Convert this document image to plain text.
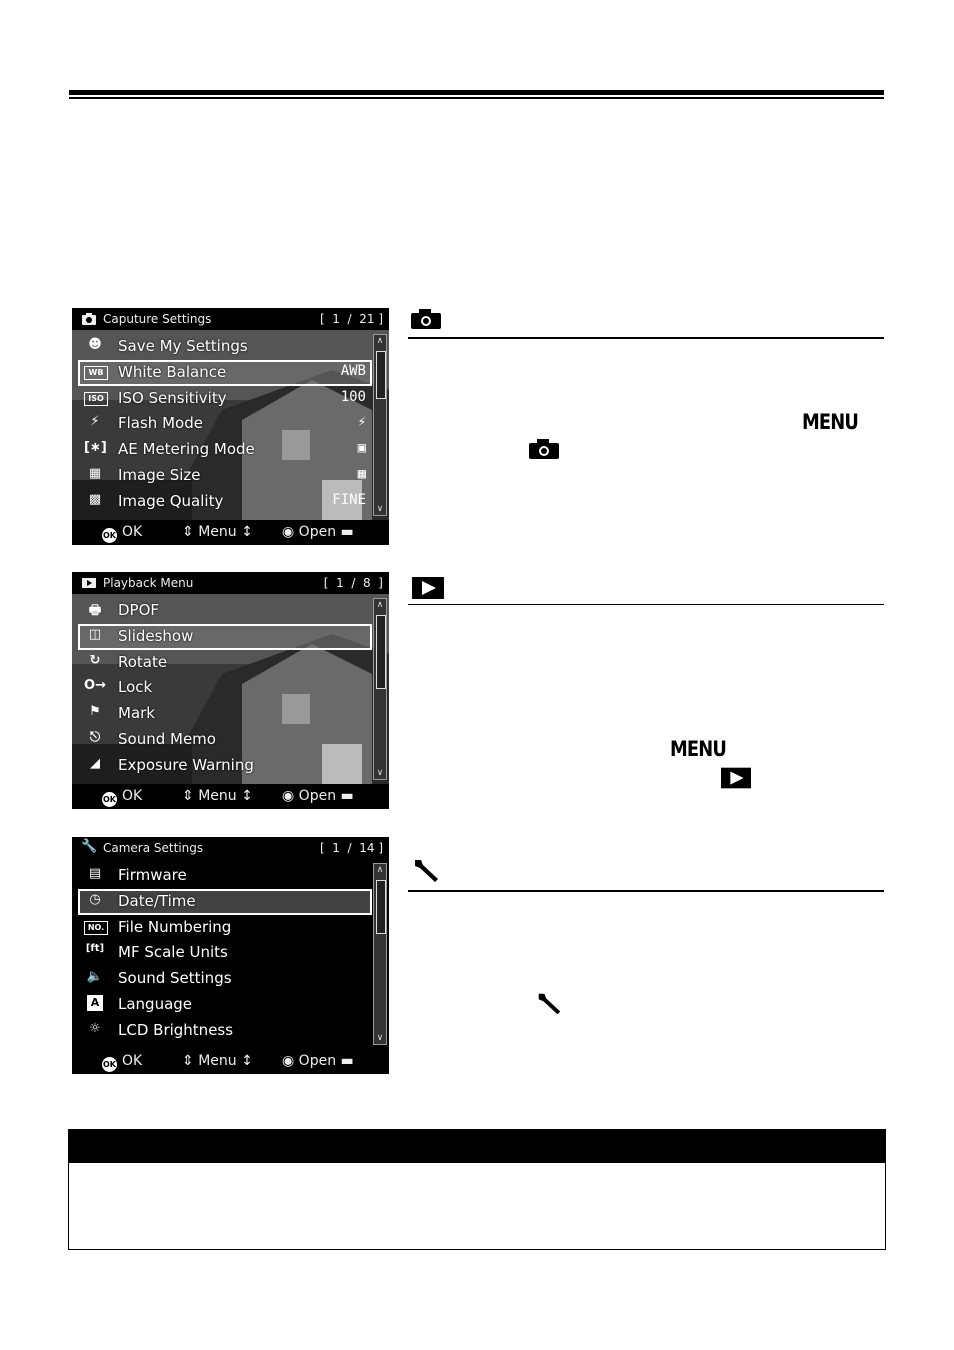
Caputure Settings	[  1  /  21 ]
☻ Save My Settings
WB White Balance	AWB
ISO ISO Sensitivity	100
⚡	Flash Mode	⚡
[∗] AE Metering Mode	▣
▦	Image Size	▦
▩	Image Quality	FINE
∧
∨
OK OK	⇕ Menu ↕ ◉ Open ▬
Playback Menu	[  1  /  8  ]
🖶	DPOF
◫	Slideshow
↻	Rotate
O→ Lock
⚑	Mark
⎋	Sound Memo
◢	Exposure Warning
∧
∨
OK OK	⇕ Menu ↕ ◉ Open ▬
🔧 Camera Settings	[  1  /  14 ]
▤	Firmware
◷	Date/Time
NO. File Numbering
[ft] MF Scale Units
🔈 Sound Settings
A Language
☼	LCD Brightness
∧
∨
OK OK	⇕ Menu ↕ ◉ Open ▬
MENU
MENU
